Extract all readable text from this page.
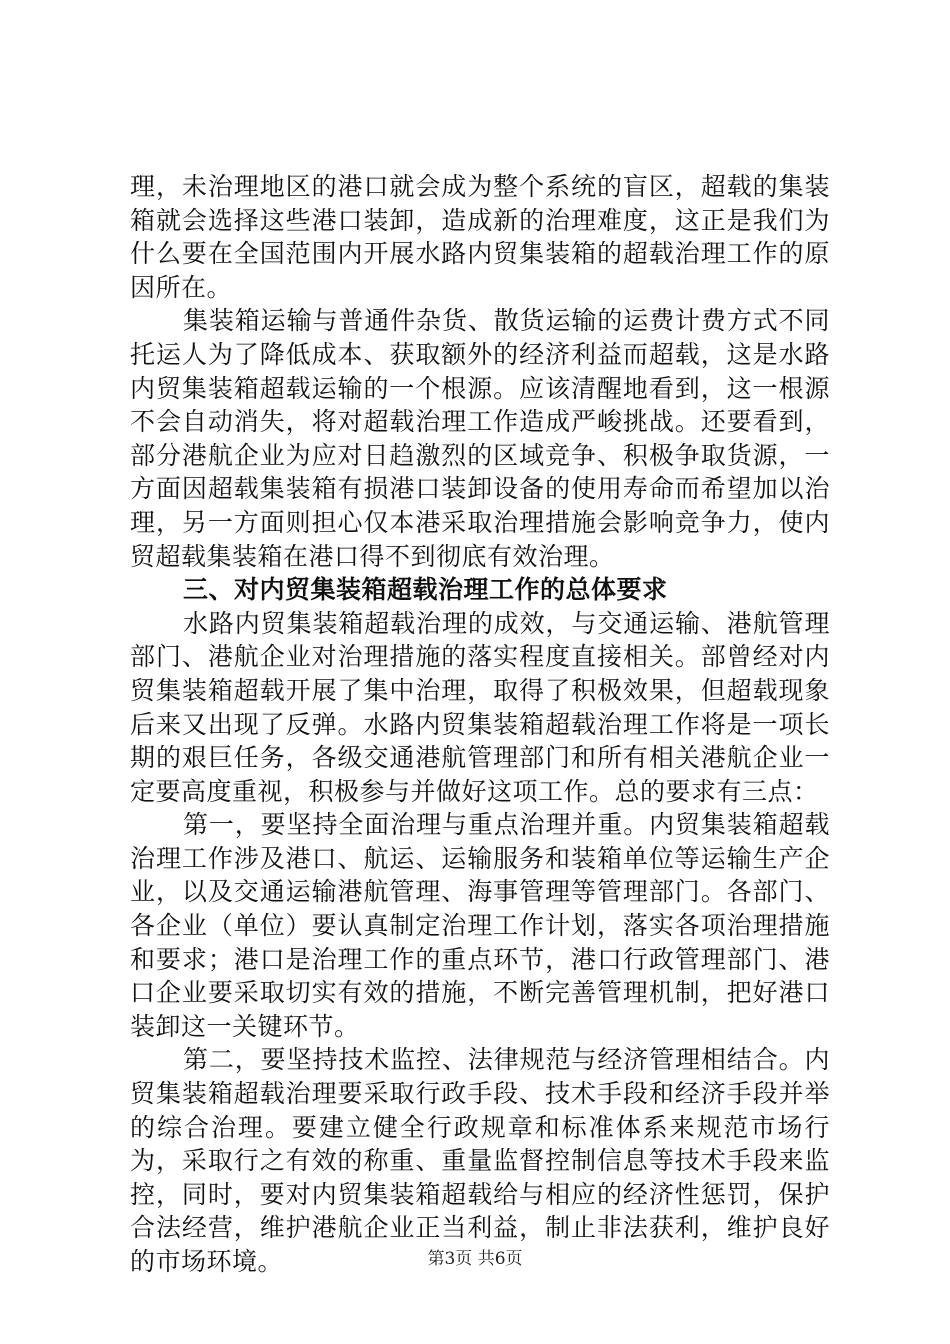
理，未治理地区的港口就会成为整个系统的盲区，超载的集装箱就会选择这些港口装卸，造成新的治理难度，这正是我们为什么要在全国范围内开展水路内贸集装箱的超载治理工作的原因所在。

集装箱运输与普通件杂货、散货运输的运费计费方式不同托运人为了降低成本、获取额外的经济利益而超载，这是水路内贸集装箱超载运输的一个根源。应该清醒地看到，这一根源不会自动消失，将对超载治理工作造成严峻挑战。还要看到，部分港航企业为应对日趋激烈的区域竞争、积极争取货源，一方面因超载集装箱有损港口装卸设备的使用寿命而希望加以治理，另一方面则担心仅本港采取治理措施会影响竞争力，使内贸超载集装箱在港口得不到彻底有效治理。

三、对内贸集装箱超载治理工作的总体要求

水路内贸集装箱超载治理的成效，与交通运输、港航管理部门、港航企业对治理措施的落实程度直接相关。部曾经对内贸集装箱超载开展了集中治理，取得了积极效果，但超载现象后来又出现了反弹。水路内贸集装箱超载治理工作将是一项长期的艰巨任务，各级交通港航管理部门和所有相关港航企业一定要高度重视，积极参与并做好这项工作。总的要求有三点：

第一，要坚持全面治理与重点治理并重。内贸集装箱超载治理工作涉及港口、航运、运输服务和装箱单位等运输生产企业，以及交通运输港航管理、海事管理等管理部门。各部门、各企业（单位）要认真制定治理工作计划，落实各项治理措施和要求；港口是治理工作的重点环节，港口行政管理部门、港口企业要采取切实有效的措施，不断完善管理机制，把好港口装卸这一关键环节。

第二，要坚持技术监控、法律规范与经济管理相结合。内贸集装箱超载治理要采取行政手段、技术手段和经济手段并举的综合治理。要建立健全行政规章和标准体系来规范市场行为，采取行之有效的称重、重量监督控制信息等技术手段来监控，同时，要对内贸集装箱超载给与相应的经济性惩罚，保护合法经营，维护港航企业正当利益，制止非法获利，维护良好的市场环境。	第3页 共6页
